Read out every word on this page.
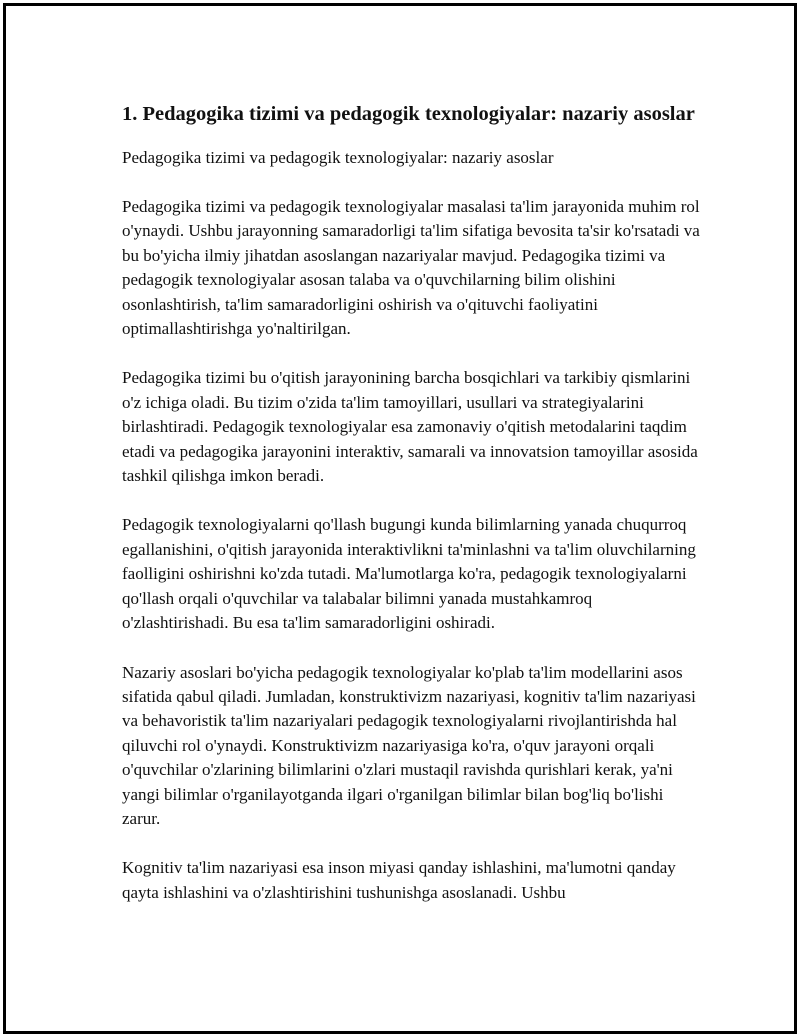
1. Pedagogika tizimi va pedagogik texnologiyalar: nazariy asoslar

Pedagogika tizimi va pedagogik texnologiyalar: nazariy asoslar

Pedagogika tizimi va pedagogik texnologiyalar masalasi ta'lim jarayonida muhim rol o'ynaydi. Ushbu jarayonning samaradorligi ta'lim sifatiga bevosita ta'sir ko'rsatadi va bu bo'yicha ilmiy jihatdan asoslangan nazariyalar mavjud. Pedagogika tizimi va pedagogik texnologiyalar asosan talaba va o'quvchilarning bilim olishini osonlashtirish, ta'lim samaradorligini oshirish va o'qituvchi faoliyatini optimallashtirishga yo'naltirilgan.

Pedagogika tizimi bu o'qitish jarayonining barcha bosqichlari va tarkibiy qismlarini o'z ichiga oladi. Bu tizim o'zida ta'lim tamoyillari, usullari va strategiyalarini birlashtiradi. Pedagogik texnologiyalar esa zamonaviy o'qitish metodalarini taqdim etadi va pedagogika jarayonini interaktiv, samarali va innovatsion tamoyillar asosida tashkil qilishga imkon beradi.

Pedagogik texnologiyalarni qo'llash bugungi kunda bilimlarning yanada chuqurroq egallanishini, o'qitish jarayonida interaktivlikni ta'minlashni va ta'lim oluvchilarning faolligini oshirishni ko'zda tutadi. Ma'lumotlarga ko'ra, pedagogik texnologiyalarni qo'llash orqali o'quvchilar va talabalar bilimni yanada mustahkamroq o'zlashtirishadi. Bu esa ta'lim samaradorligini oshiradi.

Nazariy asoslari bo'yicha pedagogik texnologiyalar ko'plab ta'lim modellarini asos sifatida qabul qiladi. Jumladan, konstruktivizm nazariyasi, kognitiv ta'lim nazariyasi va behavoristik ta'lim nazariyalari pedagogik texnologiyalarni rivojlantirishda hal qiluvchi rol o'ynaydi. Konstruktivizm nazariyasiga ko'ra, o'quv jarayoni orqali o'quvchilar o'zlarining bilimlarini o'zlari mustaqil ravishda qurishlari kerak, ya'ni yangi bilimlar o'rganilayotganda ilgari o'rganilgan bilimlar bilan bog'liq bo'lishi zarur.

Kognitiv ta'lim nazariyasi esa inson miyasi qanday ishlashini, ma'lumotni qanday qayta ishlashini va o'zlashtirishini tushunishga asoslanadi. Ushbu
